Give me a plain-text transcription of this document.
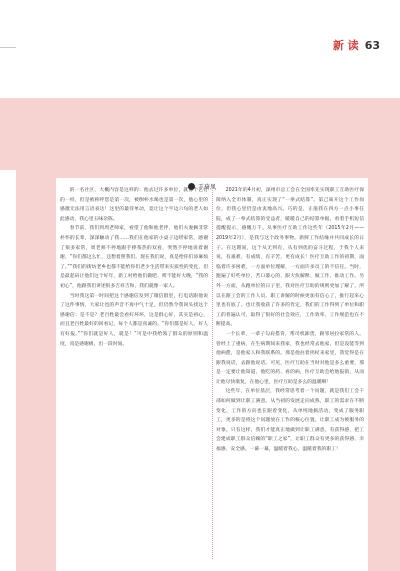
新 读 63
王琦凤

的一名社区，大概内容是这样的：他去过许多单位，就像个乞讨的一样，但是被称呼您是第一次，被倒杯水喝也是第一次，他心里的感激无法用言语表达！这里的最待单动，竟让这个半边六旬的老人如此感动，我心里五味杂陈。

春节前，我们到周老师家，看望了他和他老伴，他们夫妻俩非常朴怀的长辈，深深触动了我……我们在他家的小桌子边唠家常，感谢了很多家常，周老师不停地跟手捧茶热的双看，突然不停地说着谢谢，“你们都这么忙，还想着照我们，现在我们说，真是给你们添麻烦了。”“我们的街坊老乡也都不能给你们老少生活带来实质性的变化，但是最起码让他们这个好年，新工村给他们做吧、唠不能好大晚，“我的初心”，他跟我们讲述很多吉祥吉和，我们就像一家人。

当时我这第一时间把这个感谢信发到了微信群里，打电话跟他说了这件事情，大家让也的声音不再中气十足，但仍然令我回头找这个感谢信：是不是？老百姓最会看好坏坏，这是群心好，其实是初心，而且老百姓最好的回看记，每个人都是真诚的。“你们都是好人，好人有好报。”“你们就是好人，就是！”可是中我给领了群众的原则和温度，真是感谢极，出一段时间。

2021年的4月初，深州市总工会在全国率先实现职工互助医疗保障纳入全市体制，真正实现了“一拳式结算”。第己离开这个工作岗位，但我心里仍是由衷地高兴。巧的是，正值我在四方一点小事任院，成了一拳式结算的受益者，暖暖自己的结算单据，看着手机短信提醒提示，感慨万千。从事医疗互助工作这些年（2015年2月——2019年2月），是我与这个政务事物，新鲜工作结缘并共同成长的日子。在这期间，这个从无到有，从有到优的奋斗过程，于我个人来说，有艰难，有成绩，有辛苦，更有成长！医疗互助工作的初期，面临着许多困难，一方面单位理解，一方面许多员工的不信任。当时，跑遍了好些单位，苦口婆心的、跟大伙解释、做工作，推动工作。另外一方面，从跑单位的日子里，我对医疗互助的规则更加了解了，所以在跟工会的工作人员、职工讲解的时候更加有信心了，推行起来心里也有底了。也让我收获了许多的肯定，我们的工作得到了单位和职工的普遍认可，取得了很好的社会效应，工作效率、工作规范也在不断提高。

一个长辈，一辈子勾肩搭背，帮司机卸货，跟邻居拉家常的人。曾经上了重病，在生病期间来我家，我也经常去他家，但是没能等到他病愈，是他家人和我联系的。那是他拄着拐杖来家里，我觉得是在跟我说话，去跟他说话。可见，医疗互助在当时对他是多么重要，那是一定要让他知道，他吃的药、看的病，医疗互助会给他报销，从而让他尽快康复，在他心里，医疗互助是多么的温暖啊！

这些年，在单位基层，我经常思考着一个问题，就是我们工会干部如何做到让职工满意。从当初的发展走向成熟，职工的需求在不断变化，工作的方向也在跟着变化，从单纯地搞活动，变成了服务职工，更多的是将这个问题放在工作的核心位置，让职工成为被服务的对象。只有这样，我们才能真正地做到让职工满意，有获得感，把工会建成职工群众信赖的“职工之家”，让职工群众有更多的获得感、幸福感、安全感。一幕一幕，温暖着我心，温暖着我的职工！
